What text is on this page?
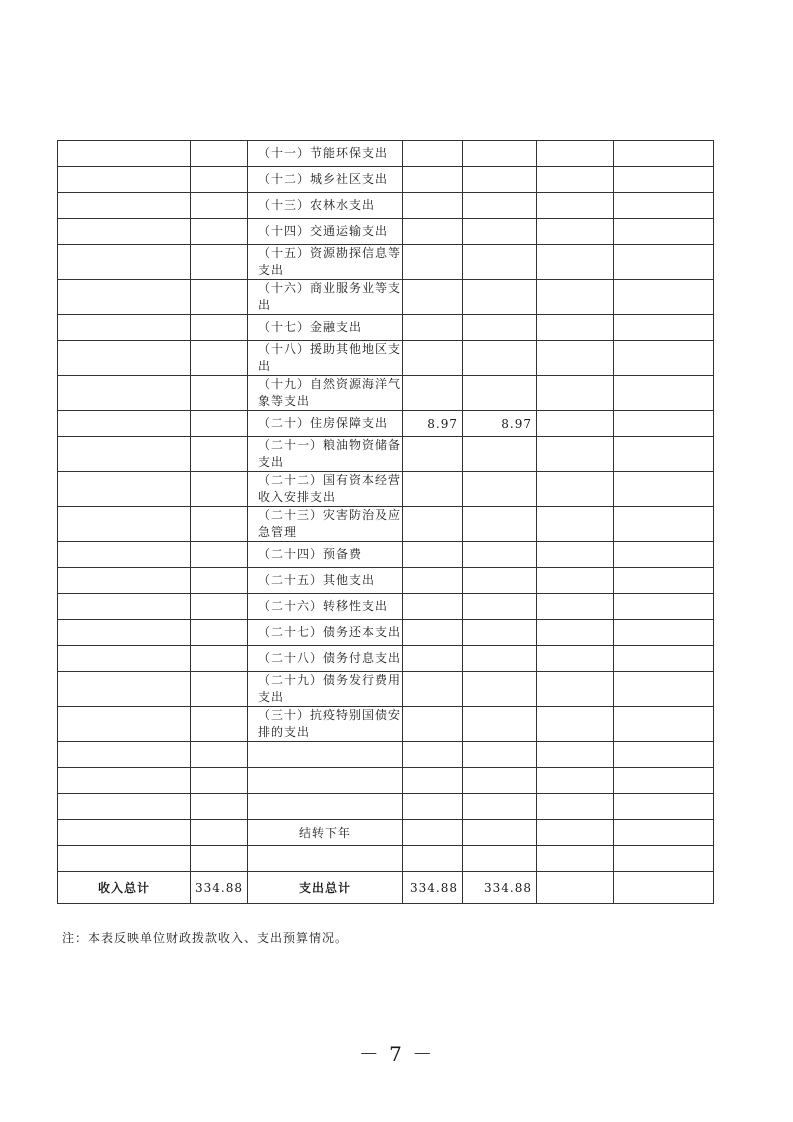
		（十一）节能环保支出				
		（十二）城乡社区支出				
		（十三）农林水支出				
		（十四）交通运输支出				
		（十五）资源勘探信息等支出				
		（十六）商业服务业等支出				
		（十七）金融支出				
		（十八）援助其他地区支出				
		（十九）自然资源海洋气象等支出				
		（二十）住房保障支出	8.97	8.97		
		（二十一）粮油物资储备支出				
		（二十二）国有资本经营收入安排支出				
		（二十三）灾害防治及应急管理				
		（二十四）预备费				
		（二十五）其他支出				
		（二十六）转移性支出				
		（二十七）债务还本支出				
		（二十八）债务付息支出				
		（二十九）债务发行费用支出				
		（三十）抗疫特别国债安排的支出				

		结转下年				

收入总计	334.88	支出总计	334.88	334.88		
注：本表反映单位财政拨款收入、支出预算情况。
－ 7 －
